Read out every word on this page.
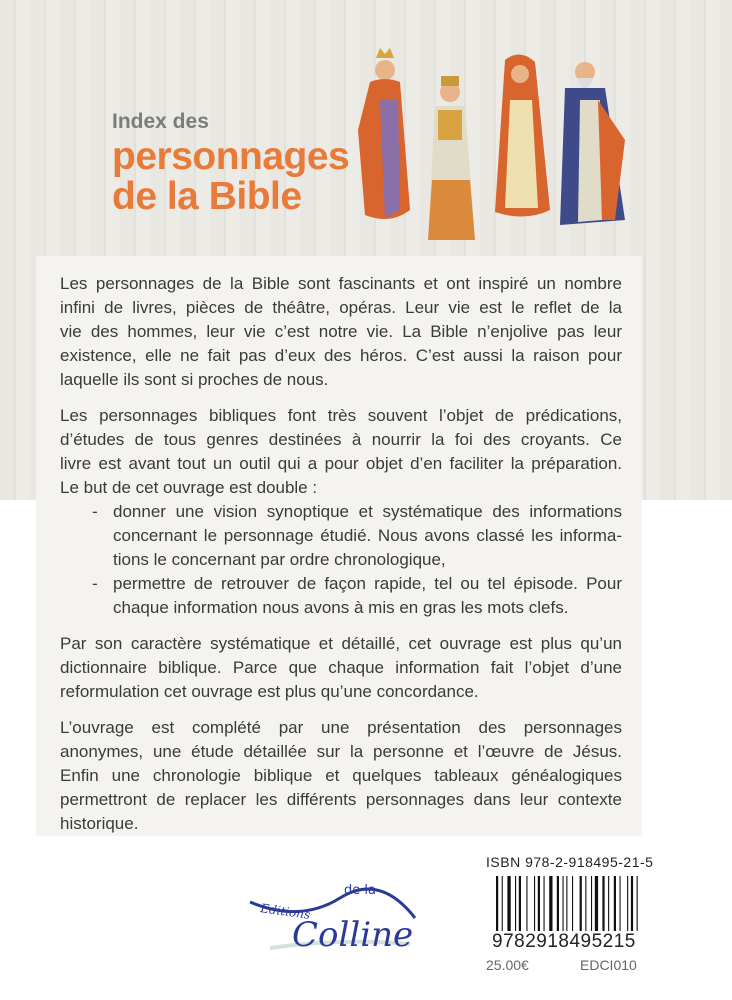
Index des
personnages
de la Bible
Les personnages de la Bible sont fascinants et ont inspiré un nombre
infini de livres, pièces de théâtre, opéras. Leur vie est le reflet de la
vie des hommes, leur vie c’est notre vie. La Bible n’enjolive pas leur
existence, elle ne fait pas d’eux des héros. C’est aussi la raison pour
laquelle ils sont si proches de nous.
Les personnages bibliques font très souvent l’objet de prédications,
d’études de tous genres destinées à nourrir la foi des croyants. Ce
livre est avant tout un outil qui a pour objet d’en faciliter la préparation.
Le but de cet ouvrage est double :
- donner une vision synoptique et systématique des informations
concernant le personnage étudié. Nous avons classé les informa-
tions le concernant par ordre chronologique,
- permettre de retrouver de façon rapide, tel ou tel épisode. Pour
chaque information nous avons à mis en gras les mots clefs.
Par son caractère systématique et détaillé, cet ouvrage est plus qu’un
dictionnaire biblique. Parce que chaque information fait l’objet d’une
reformulation cet ouvrage est plus qu’une concordance.
L’ouvrage est complété par une présentation des personnages
anonymes, une étude détaillée sur la personne et l’œuvre de Jésus.
Enfin une chronologie biblique et quelques tableaux généalogiques
permettront de replacer les différents personnages dans leur contexte
historique.
Editions
de la
Colline
ISBN 978-2-918495-21-5
9782918495215
25.00€	EDCI010
